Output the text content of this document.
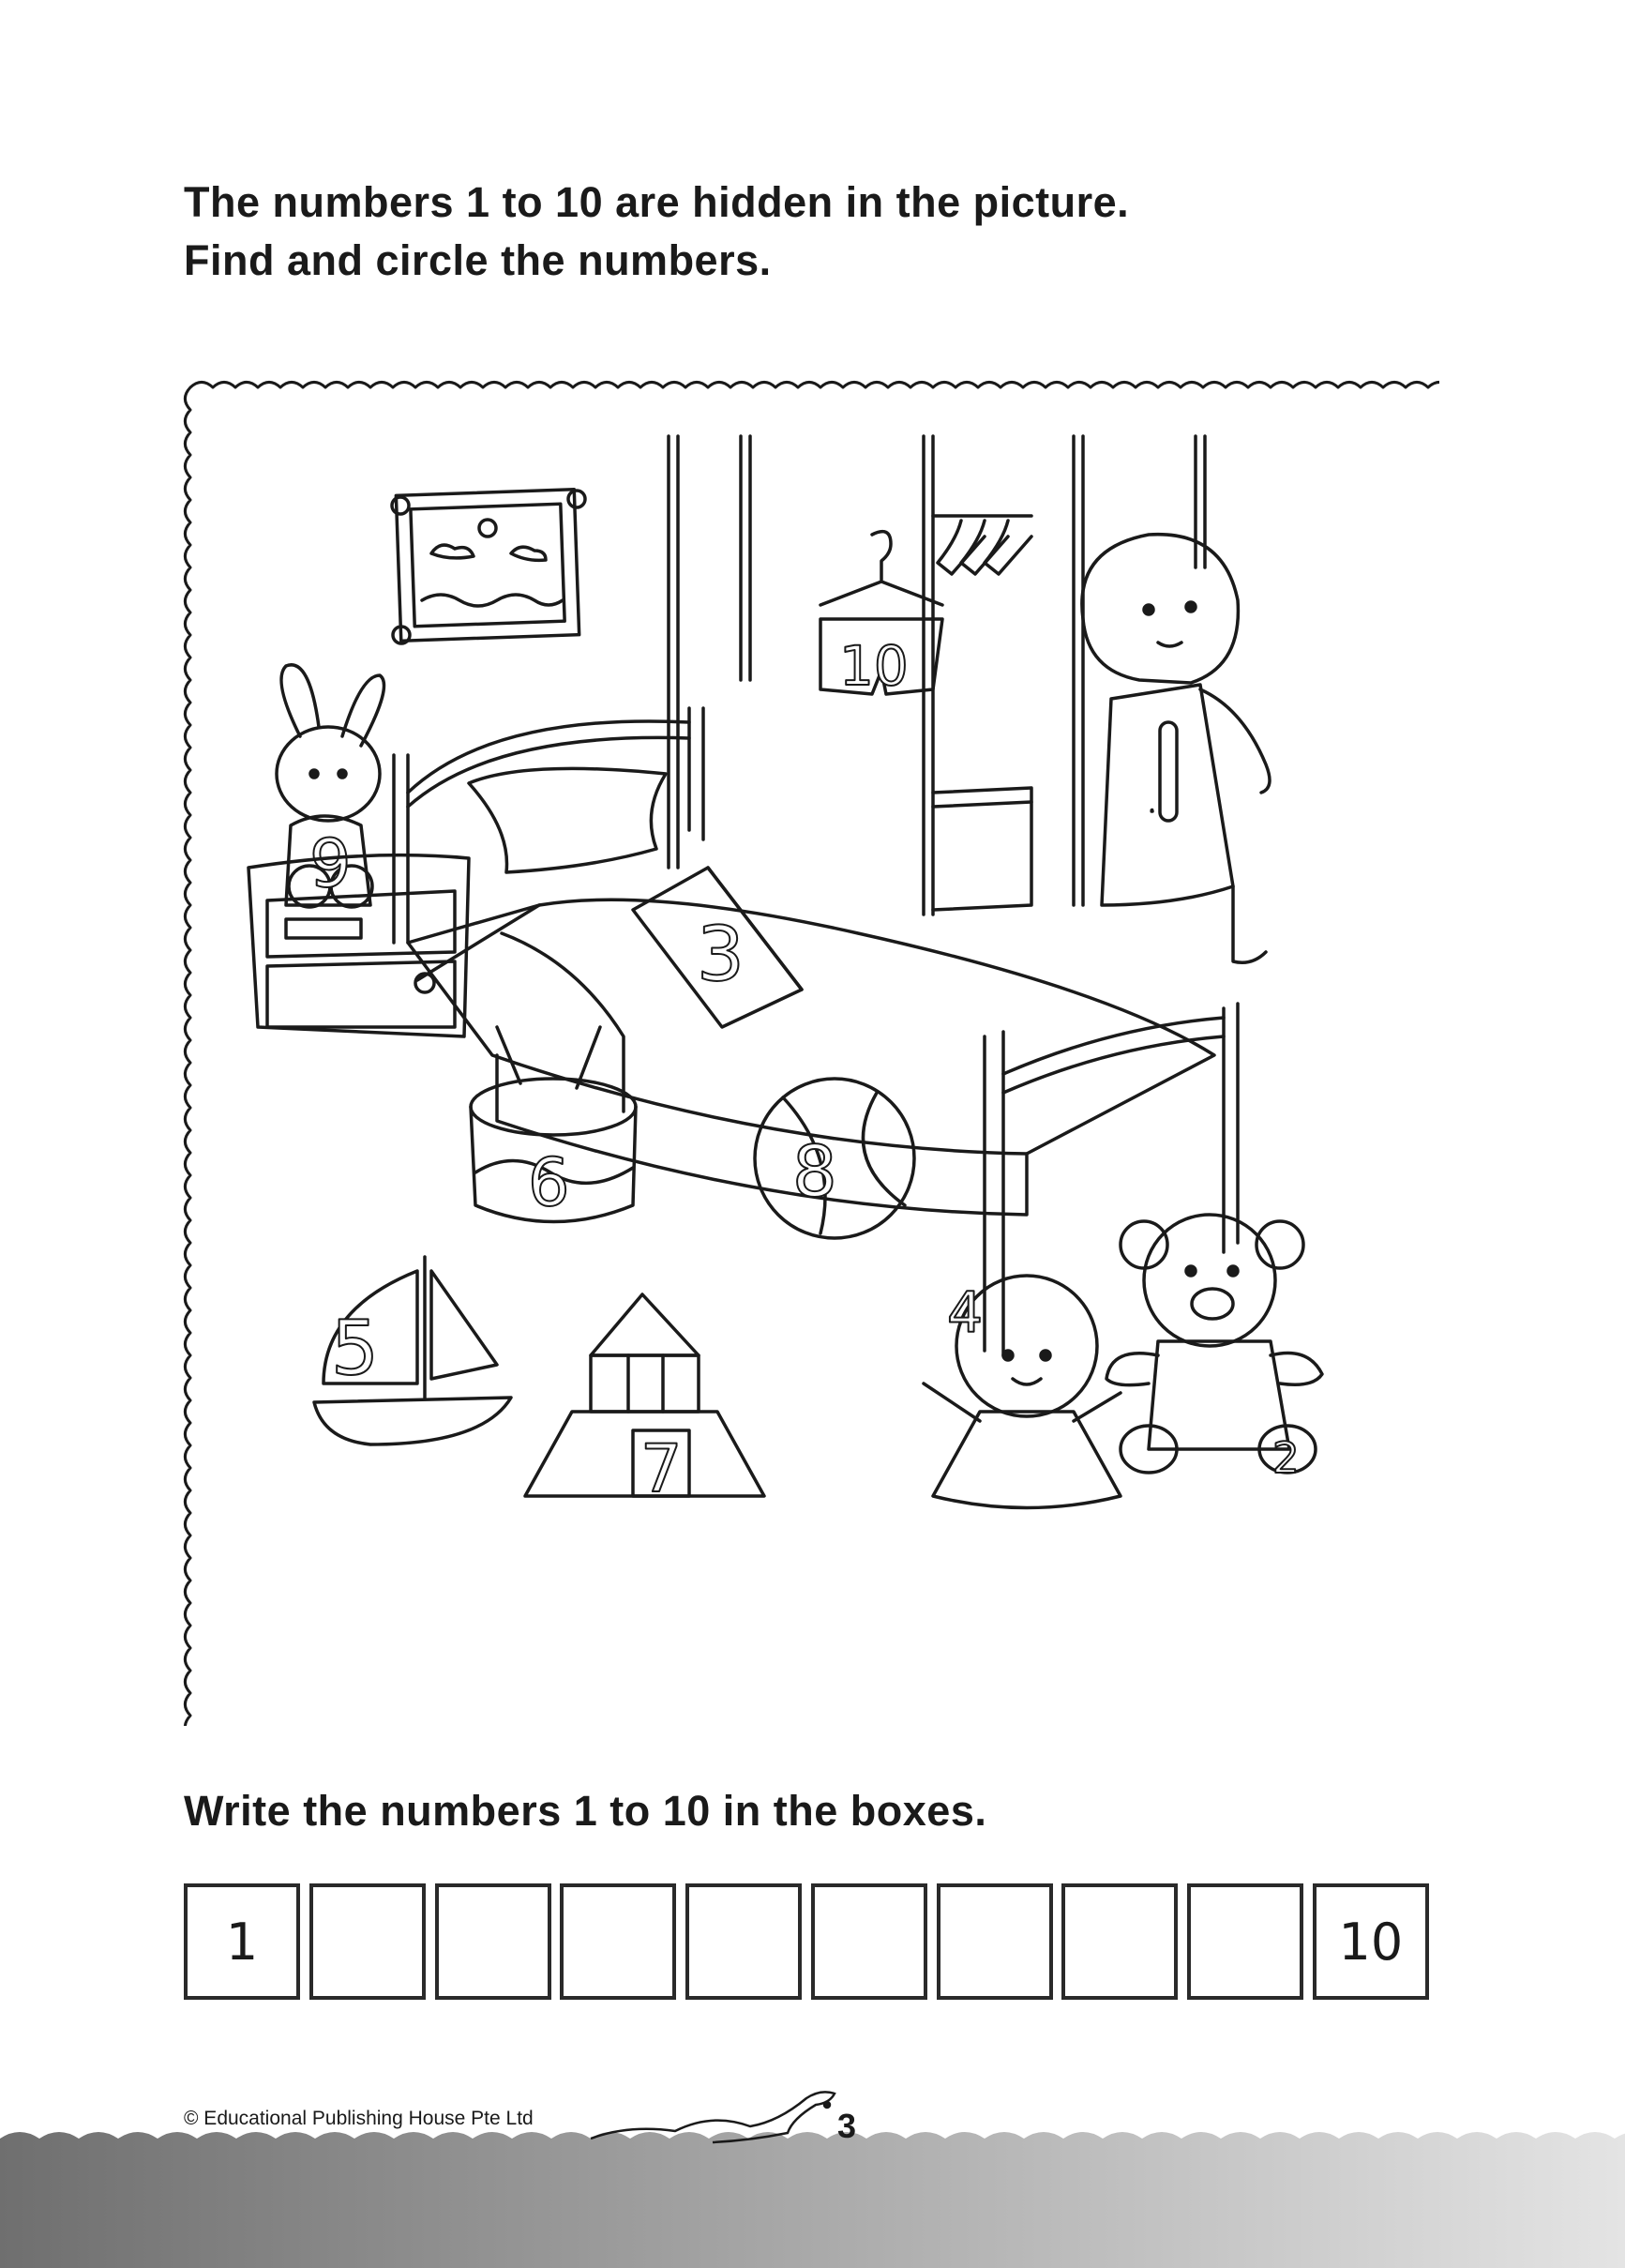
The numbers 1 to 10 are hidden in the picture.
Find and circle the numbers.
3
10
1
9
6	8
5
7
4
2
Write the numbers 1 to 10 in the boxes.
1	10
© Educational Publishing House Pte Ltd	3
